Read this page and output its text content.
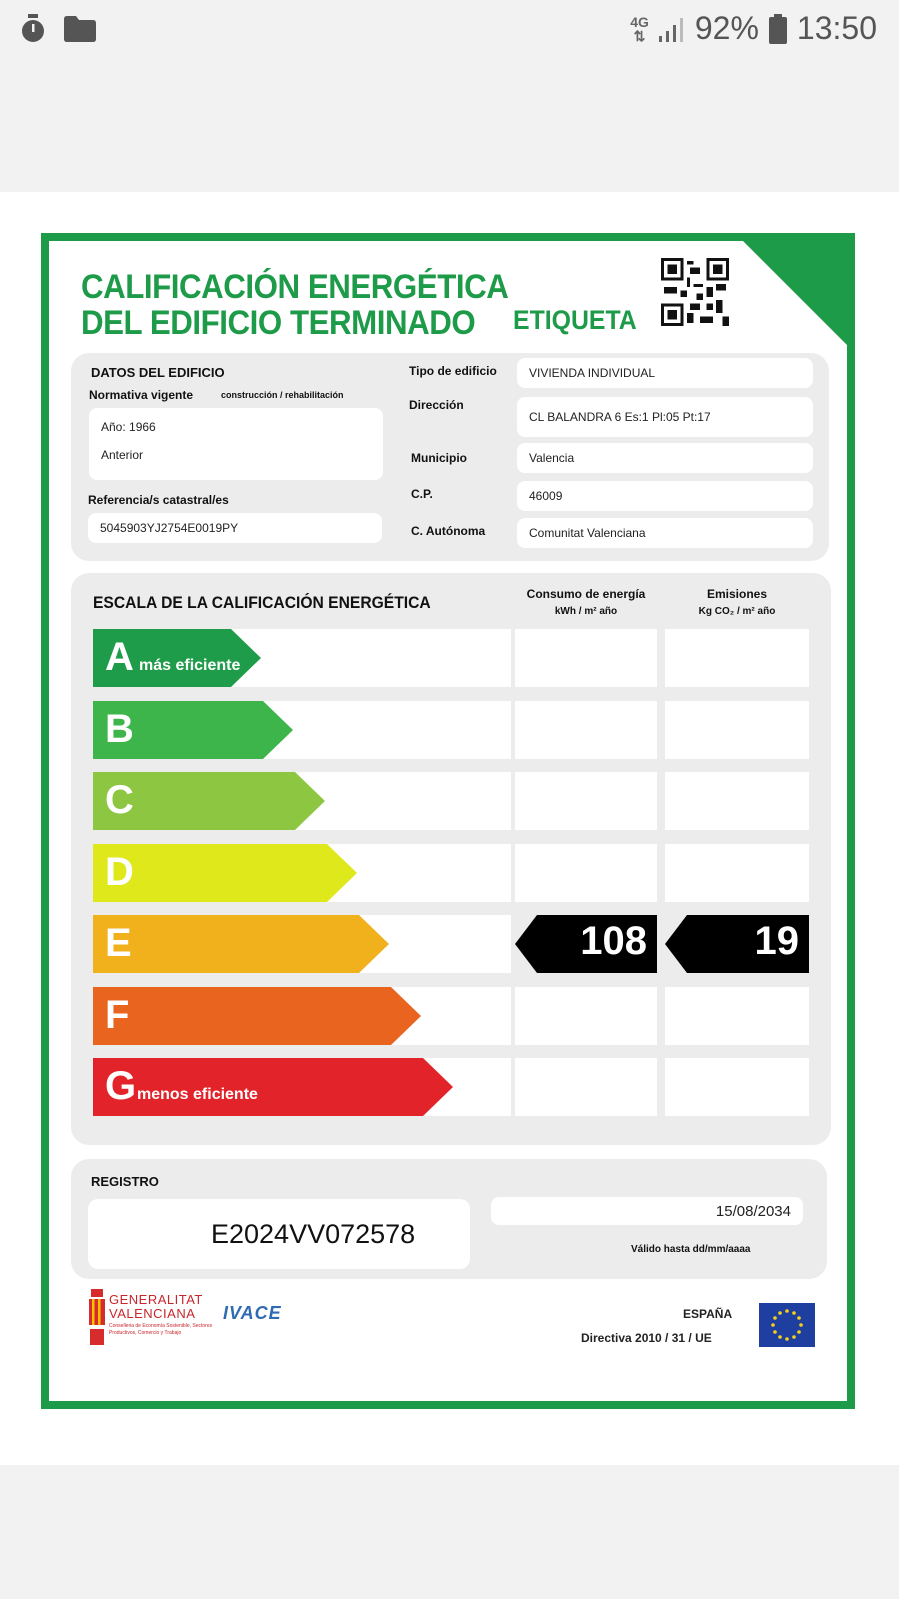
4G
⇅ 92% 13:50
CALIFICACIÓN ENERGÉTICA
DEL EDIFICIO TERMINADO	ETIQUETA
DATOS DEL EDIFICIO
Normativa vigente	construcción / rehabilitación
Año: 1966
Anterior
Referencia/s catastral/es
5045903YJ2754E0019PY
Tipo de edificio	VIVIENDA INDIVIDUAL
Dirección
CL BALANDRA 6 Es:1 Pl:05 Pt:17
Municipio	Valencia
C.P.	46009
C. Autónoma	Comunitat Valenciana
ESCALA DE LA CALIFICACIÓN ENERGÉTICA	Consumo de energía
kWh / m² año
Emisiones
Kg CO₂ / m² año
A más eficiente
B
C
D
E	108	19
F
G menos eficiente
REGISTRO
E2024VV072578
15/08/2034
Válido hasta dd/mm/aaaa
GENERALITAT
VALENCIANA
Conselleria de Economía Sostenible, Sectores Productivos, Comercio y Trabajo
IVACE	ESPAÑA
Directiva 2010 / 31 / UE
